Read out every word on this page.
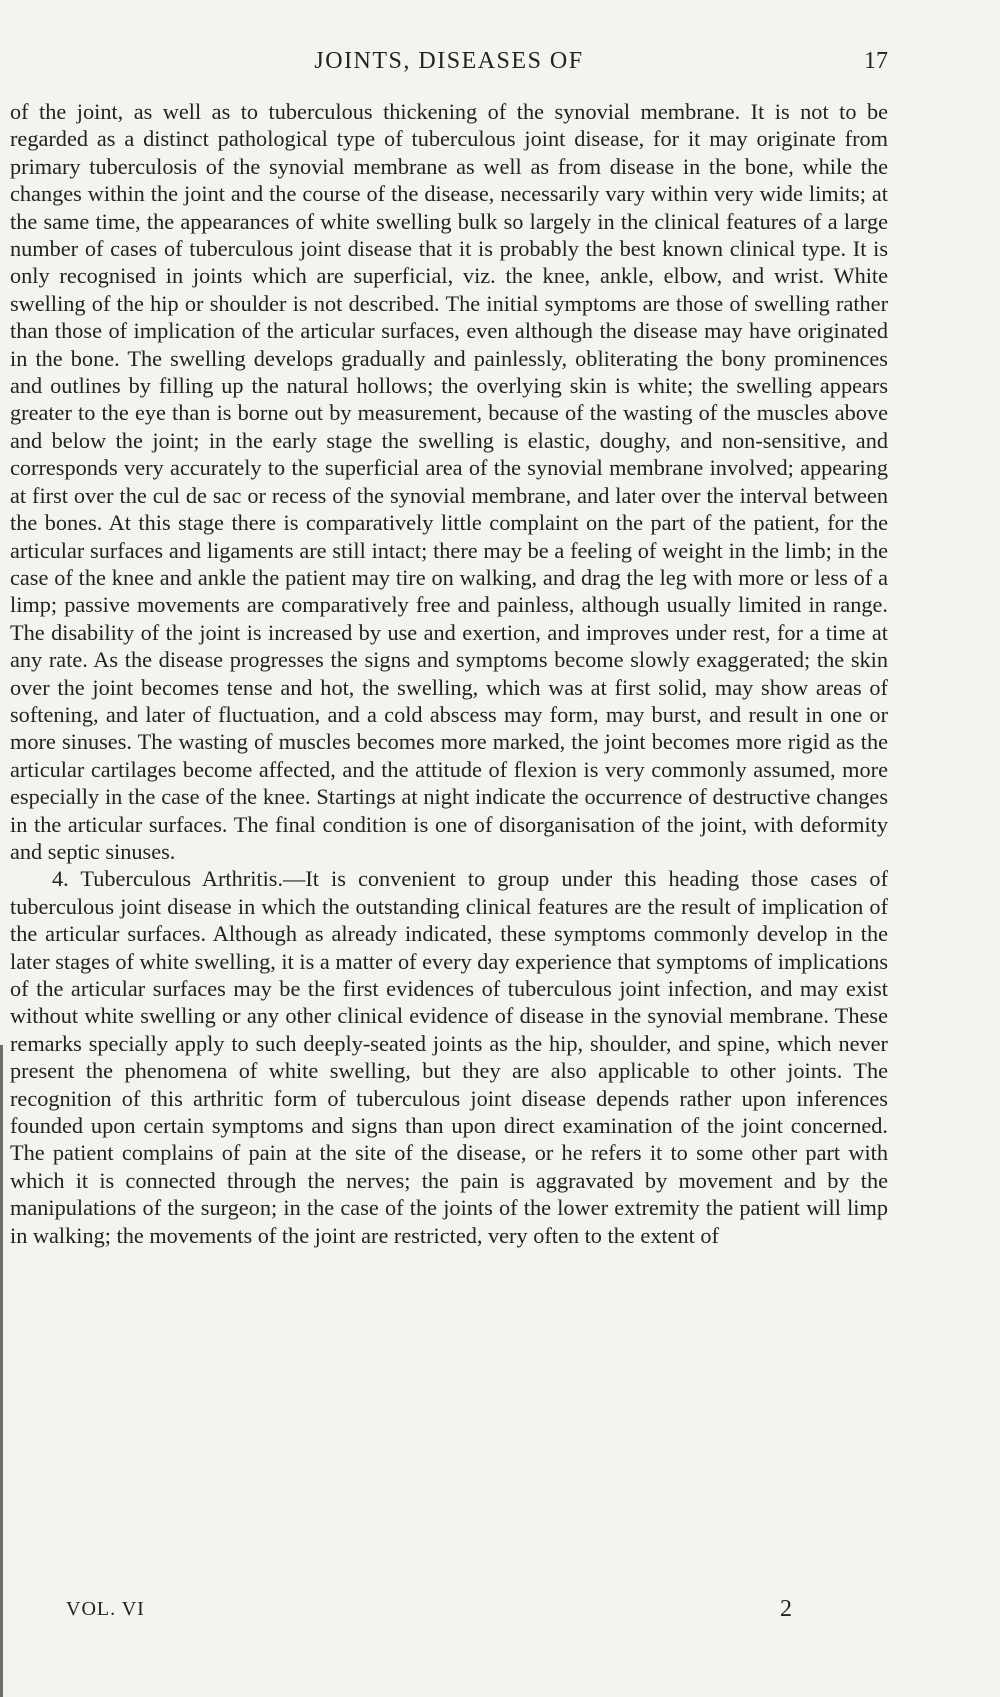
JOINTS, DISEASES OF	17

of the joint, as well as to tuberculous thickening of the synovial membrane. It is not to be regarded as a distinct pathological type of tuberculous joint disease, for it may originate from primary tuberculosis of the synovial membrane as well as from disease in the bone, while the changes within the joint and the course of the disease, necessarily vary within very wide limits; at the same time, the appearances of white swelling bulk so largely in the clinical features of a large number of cases of tuberculous joint disease that it is probably the best known clinical type. It is only recognised in joints which are superficial, viz. the knee, ankle, elbow, and wrist. White swelling of the hip or shoulder is not described. The initial symptoms are those of swelling rather than those of implication of the articular surfaces, even although the disease may have originated in the bone. The swelling develops gradually and painlessly, obliterating the bony prominences and outlines by filling up the natural hollows; the overlying skin is white; the swelling appears greater to the eye than is borne out by measurement, because of the wasting of the muscles above and below the joint; in the early stage the swelling is elastic, doughy, and non-sensitive, and corresponds very accurately to the superficial area of the synovial membrane involved; appearing at first over the cul de sac or recess of the synovial membrane, and later over the interval between the bones. At this stage there is comparatively little complaint on the part of the patient, for the articular surfaces and ligaments are still intact; there may be a feeling of weight in the limb; in the case of the knee and ankle the patient may tire on walking, and drag the leg with more or less of a limp; passive movements are comparatively free and painless, although usually limited in range. The disability of the joint is increased by use and exertion, and improves under rest, for a time at any rate. As the disease progresses the signs and symptoms become slowly exaggerated; the skin over the joint becomes tense and hot, the swelling, which was at first solid, may show areas of softening, and later of fluctuation, and a cold abscess may form, may burst, and result in one or more sinuses. The wasting of muscles becomes more marked, the joint becomes more rigid as the articular cartilages become affected, and the attitude of flexion is very commonly assumed, more especially in the case of the knee. Startings at night indicate the occurrence of destructive changes in the articular surfaces. The final condition is one of disorganisation of the joint, with deformity and septic sinuses.

4. Tuberculous Arthritis.—It is convenient to group under this heading those cases of tuberculous joint disease in which the outstanding clinical features are the result of implication of the articular surfaces. Although as already indicated, these symptoms commonly develop in the later stages of white swelling, it is a matter of every day experience that symptoms of implications of the articular surfaces may be the first evidences of tuberculous joint infection, and may exist without white swelling or any other clinical evidence of disease in the synovial membrane. These remarks specially apply to such deeply-seated joints as the hip, shoulder, and spine, which never present the phenomena of white swelling, but they are also applicable to other joints. The recognition of this arthritic form of tuberculous joint disease depends rather upon inferences founded upon certain symptoms and signs than upon direct examination of the joint concerned. The patient complains of pain at the site of the disease, or he refers it to some other part with which it is connected through the nerves; the pain is aggravated by movement and by the manipulations of the surgeon; in the case of the joints of the lower extremity the patient will limp in walking; the movements of the joint are restricted, very often to the extent of

VOL. VI	2
